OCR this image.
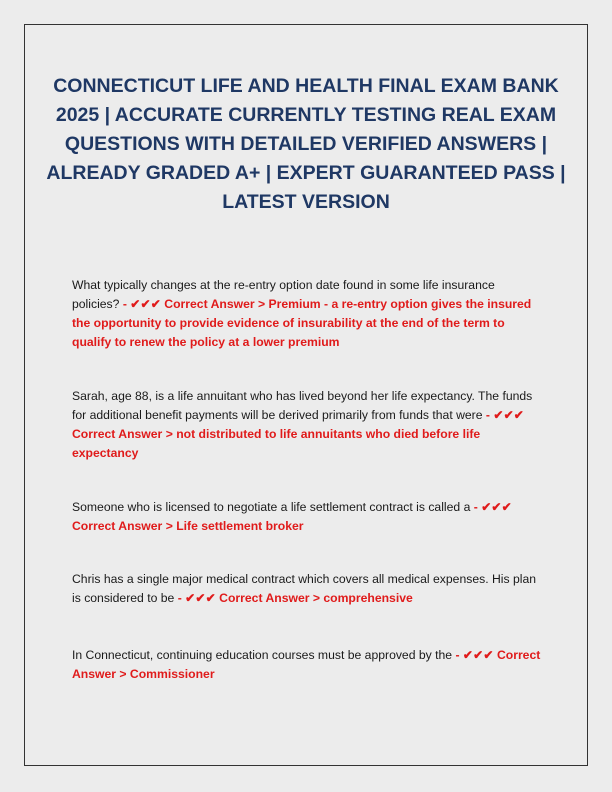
CONNECTICUT LIFE AND HEALTH FINAL EXAM BANK 2025 | ACCURATE CURRENTLY TESTING REAL EXAM QUESTIONS WITH DETAILED VERIFIED ANSWERS | ALREADY GRADED A+ | EXPERT GUARANTEED PASS | LATEST VERSION

What typically changes at the re-entry option date found in some life insurance policies? - ✔✔✔ Correct Answer > Premium - a re-entry option gives the insured the opportunity to provide evidence of insurability at the end of the term to qualify to renew the policy at a lower premium

Sarah, age 88, is a life annuitant who has lived beyond her life expectancy. The funds for additional benefit payments will be derived primarily from funds that were - ✔✔✔ Correct Answer > not distributed to life annuitants who died before life expectancy

Someone who is licensed to negotiate a life settlement contract is called a - ✔✔✔ Correct Answer > Life settlement broker

Chris has a single major medical contract which covers all medical expenses. His plan is considered to be - ✔✔✔ Correct Answer > comprehensive

In Connecticut, continuing education courses must be approved by the - ✔✔✔ Correct Answer > Commissioner
